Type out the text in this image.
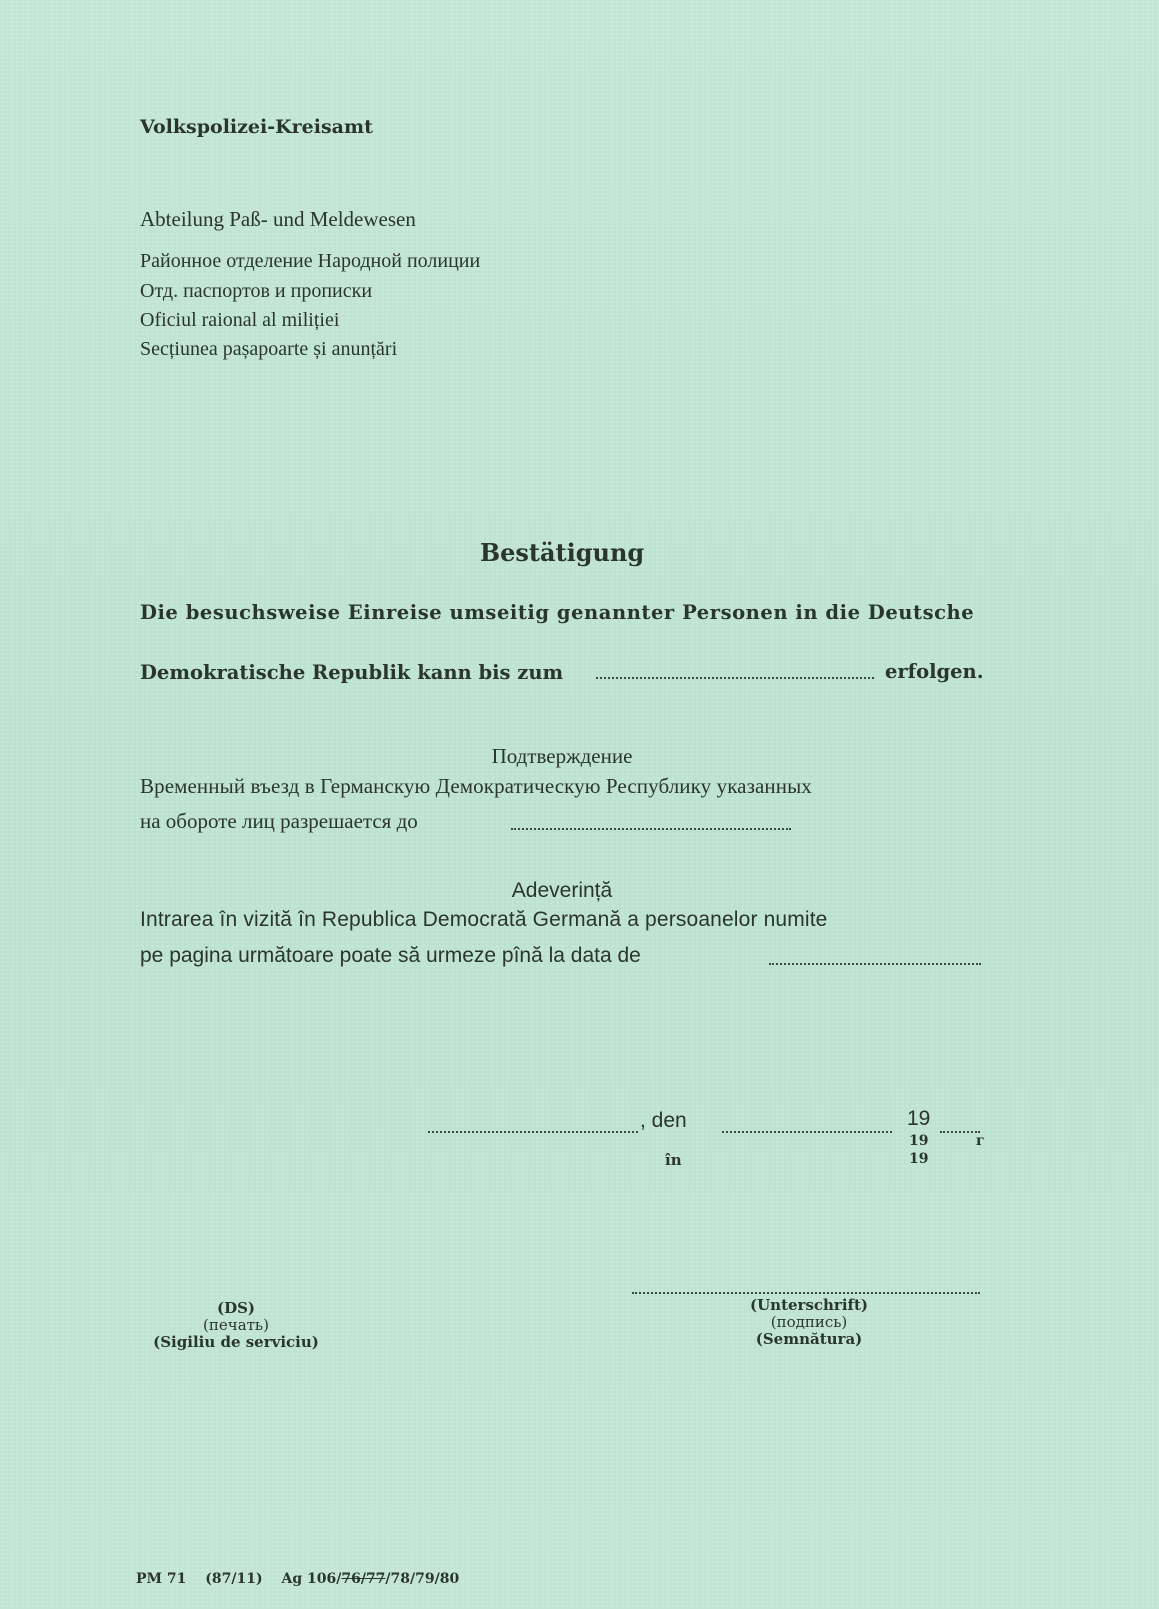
Volkspolizei-Kreisamt
Abteilung Paß- und Meldewesen
Районное отделение Народной полиции
Отд. паспортов и прописки
Oficiul raional al miliției
Secțiunea pașapoarte și anunțări
Bestätigung
Die besuchsweise Einreise umseitig genannter Personen in die Deutsche
Demokratische Republik kann bis zum	erfolgen.
Подтверждение
Временный въезд в Германскую Демократическую Республику указанных
на обороте лиц разрешается до
Adeverință
Intrarea în vizită în Republica Democrată Germană a persoanelor numite
pe pagina următoare poate să urmeze pînă la data de
, den	19
19	г
în	19
(DS)
(печать)
(Sigiliu de serviciu)
(Unterschrift)
(подпись)
(Semnătura)
PM 71 (87/11) Ag 106/76/77/78/79/80
